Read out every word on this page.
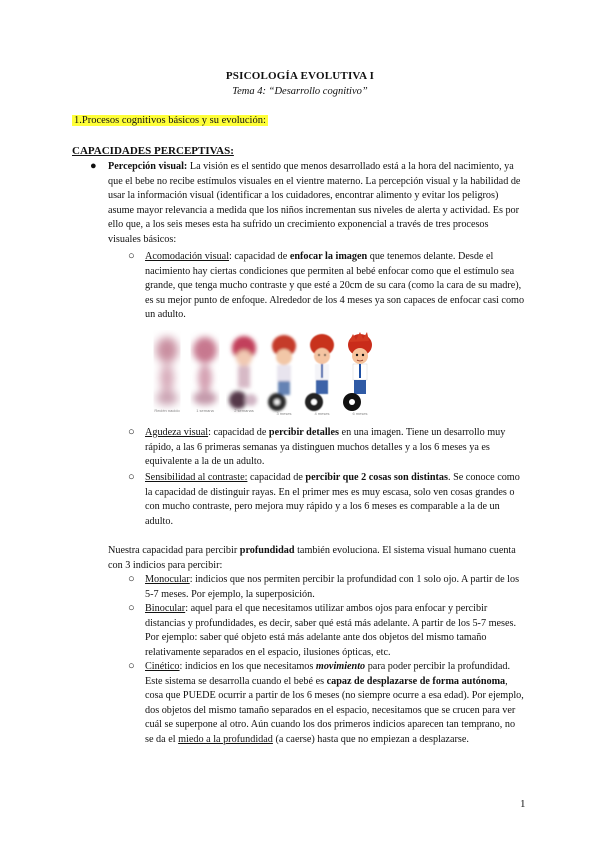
PSICOLOGÍA EVOLUTIVA I
Tema 4: “Desarrollo cognitivo”
1.Procesos cognitivos básicos y su evolución:
CAPACIDADES PERCEPTIVAS:
● Percepción visual: La visión es el sentido que menos desarrollado está a la hora del nacimiento, ya que el bebe no recibe estímulos visuales en el vientre materno. La percepción visual y la habilidad de usar la información visual (identificar a los cuidadores, encontrar alimento y evitar los peligros) asume mayor relevancia a medida que los niños incrementan sus niveles de alerta y actividad. Es por ello que, a los seis meses esta ha sufrido un crecimiento exponencial a través de tres procesos visuales básicos:
○ Acomodación visual: capacidad de enfocar la imagen que tenemos delante. Desde el nacimiento hay ciertas condiciones que permiten al bebé enfocar como que el estímulo sea grande, que tenga mucho contraste y que esté a 20cm de su cara (como la cara de su madre), es su mejor punto de enfoque. Alrededor de los 4 meses ya son capaces de enfocar casi como un adulto.
Recién nacido	1 semana	2 semanas
3 meses	4 meses	6 meses
○ Agudeza visual: capacidad de percibir detalles en una imagen. Tiene un desarrollo muy rápido, a las 6 primeras semanas ya distinguen muchos detalles y a los 6 meses ya es equivalente a la de un adulto.
○ Sensibilidad al contraste: capacidad de percibir que 2 cosas son distintas. Se conoce como la capacidad de distinguir rayas. En el primer mes es muy escasa, solo ven cosas grandes o con mucho contraste, pero mejora muy rápido y a los 6 meses es comparable a la de un adulto.
Nuestra capacidad para percibir profundidad también evoluciona. El sistema visual humano cuenta con 3 indicios para percibir:
○ Monocular: indicios que nos permiten percibir la profundidad con 1 solo ojo. A partir de los 5-7 meses. Por ejemplo, la superposición.
○ Binocular: aquel para el que necesitamos utilizar ambos ojos para enfocar y percibir distancias y profundidades, es decir, saber qué está más adelante. A partir de los 5-7 meses. Por ejemplo: saber qué objeto está más adelante ante dos objetos del mismo tamaño relativamente separados en el espacio, ilusiones ópticas, etc.
○ Cinético: indicios en los que necesitamos movimiento para poder percibir la profundidad. Este sistema se desarrolla cuando el bebé es capaz de desplazarse de forma autónoma, cosa que PUEDE ocurrir a partir de los 6 meses (no siempre ocurre a esa edad). Por ejemplo, dos objetos del mismo tamaño separados en el espacio, necesitamos que se crucen para ver cuál se superpone al otro. Aún cuando los dos primeros indicios aparecen tan temprano, no se da el miedo a la profundidad (a caerse) hasta que no empiezan a desplazarse.
1
